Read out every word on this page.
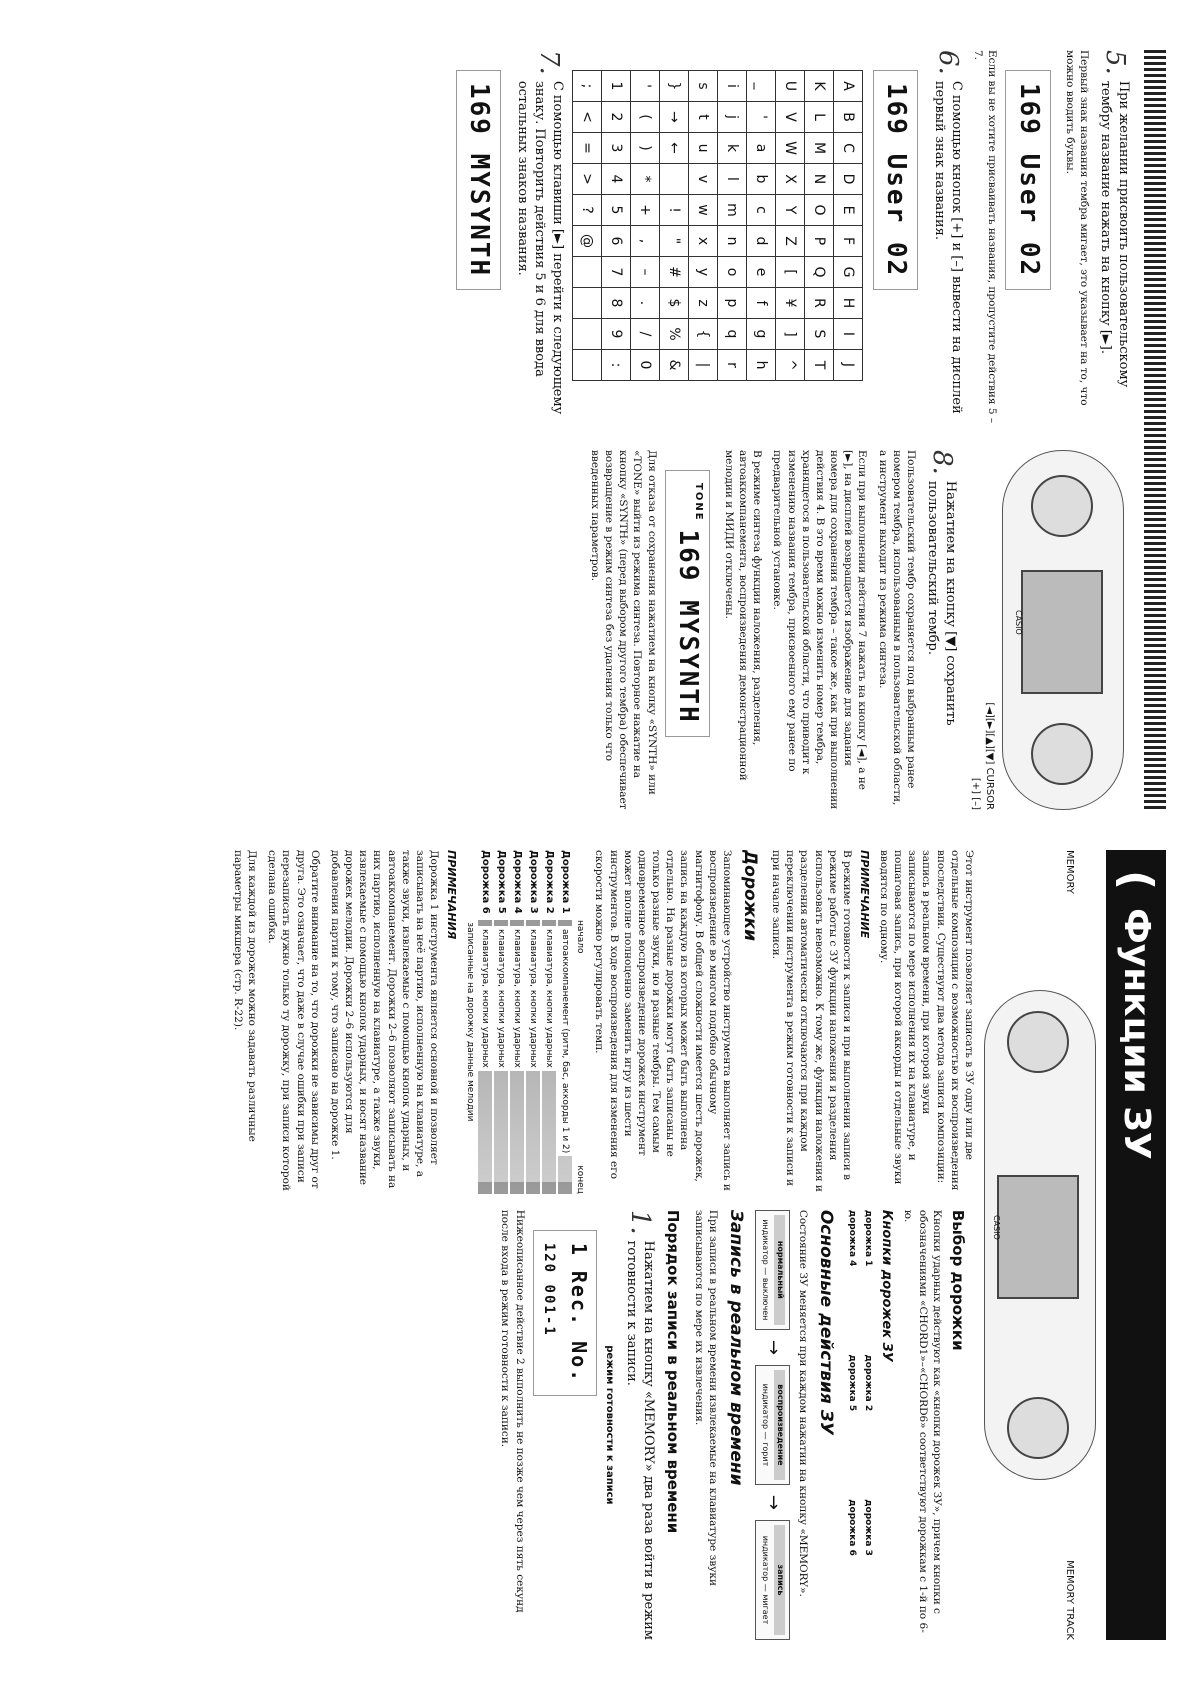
5.
При желании присвоить пользовательскому тембру название нажать на кнопку [►].

Первый знак названия тембра мигает, это указывает на то, что можно вводить буквы.

169 User 02

Если вы не хотите присваивать названия, пропустите действия 5 – 7.

6.
С помощью кнопок [+] и [–] вывести на дисплей первый знак названия.
169 User 02
A	B	C	D	E	F	G	H	I	J
K	L	M	N	O	P	Q	R	S	T
U	V	W	X	Y	Z	[	¥	]	^
_	'	a	b	c	d	e	f	g	h
i	j	k	l	m	n	o	p	q	r
s	t	u	v	w	x	y	z	{	|
}	→	←		!	"	#	$	%	&
'	(	)	*	+	,	–	.	/	0
1	2	3	4	5	6	7	8	9	:
;	<	=	>	?	@				
7.
С помощью клавиши [►] перейти к следующему знаку. Повторить действия 5 и 6 для ввода остальных знаков названия.
169 MYSYNTH
CASIO
[◄][►][▲][▼] CURSOR
[+] [–]
8.
Нажатием на кнопку [▼] сохранить пользовательский тембр.

Пользовательский тембр сохраняется под выбранным ранее номером тембра, использованным в пользовательской области, а инструмент выходит из режима синтеза.

Если при выполнении действия 7 нажать на кнопку [◄], а не [►], на дисплей возвращается изображение для задания номера для сохранения тембра – такое же, как при выполнении действия 4. В это время можно изменить номер тембра, хранящегося в пользовательской области, что приводит к изменению названия тембра, присвоенного ему ранее по предварительной установке.

В режиме синтеза функции наложения, разделения, автоаккомпанемента, воспроизведения демонстрационной мелодии и МИДИ отключены.

$^{TONE}$169 MYSYNTH

Для отказа от сохранения нажатием на кнопку «SYNTH» или «TONE» выйти из режима синтеза. Повторное нажатие на кнопку «SYNTH» (перед выбором другого тембра) обеспечивает возвращение в режим синтеза без удаления только что введенных параметров.

(
Функции ЗУ
MEMORY
CASIO
MEMORY TRACK

Этот инструмент позволяет записать в ЗУ одну или две отдельные композиции с возможностью их воспроизведения впоследствии. Существуют два метода записи композиции: запись в реальном времени, при которой звуки записываются по мере исполнения их на клавиатуре, и пошаговая запись, при которой аккорды и отдельные звуки вводятся по одному.

ПРИМЕЧАНИЕ

В режиме готовности к записи и при выполнении записи в режиме работы с ЗУ функции наложения и разделения использовать невозможно. К тому же, функции наложения и разделения автоматически отключаются при каждом переключении инструмента в режим готовности к записи и при начале записи.

Дорожки

Запоминающее устройство инструмента выполняет запись и воспроизведение во многом подобно обычному магнитофону. В общей сложности имеется шесть дорожек, запись на каждую из которых может быть выполнена отдельно. На разные дорожки могут быть записаны не только разные звуки, но и разные тембры. Тем самым одновременное воспроизведение дорожек инструмент может вполне полноценно заменить игру из шести инструментов. В ходе воспроизведения для изменения его скорости можно регулировать темп.

начало
конец
Дорожка 1
автоаккомпанемент (ритм, бас, аккорды 1 и 2)
Дорожка 2
клавиатура, кнопки ударных
Дорожка 3
клавиатура, кнопки ударных
Дорожка 4
клавиатура, кнопки ударных
Дорожка 5
клавиатура, кнопки ударных
Дорожка 6
клавиатура, кнопки ударных
записанные на дорожку данные мелодии
ПРИМЕЧАНИЯ

Дорожка 1 инструмента является основной и позволяет записывать на неё партию, исполненную на клавиатуре, а также звуки, извлекаемые с помощью кнопок ударных, и автоаккомпанемент. Дорожки 2–6 позволяют записывать на них партию, исполненную на клавиатуре, а также звуки, извлекаемые с помощью кнопок ударных, и носят название дорожек мелодии. Дорожки 2–6 используются для добавления партии к тому, что записано на дорожке 1.

Обратите внимание на то, что дорожки не зависимы друг от друга. Это означает, что даже в случае ошибки при записи перезаписать нужно только ту дорожку, при записи которой сделана ошибка.

Для каждой из дорожек можно задавать различные параметры микшера (стр. R-22).

Выбор дорожки

Кнопки ударных действуют как «кнопки дорожек ЗУ», причем кнопки с обозначениями «CHORD1»–«CHORD6» соответствуют дорожкам с 1-й по 6-ю.

Кнопки дорожек ЗУ
дорожка 1
дорожка 2
дорожка 3
дорожка 4
дорожка 5
дорожка 6
Основные действия ЗУ

Состояние ЗУ меняется при каждом нажатии на кнопку «MEMORY».

нормальный
индикатор — выключен
→
воспроизведение
индикатор — горит
→
запись
индикатор — мигает
Запись в реальном времени

При записи в реальном времени извлекаемые на клавиатуре звуки записываются по мере их извлечения.

Порядок записи в реальном времени
1.
Нажатием на кнопку «MEMORY» два раза войти в режим готовности к записи.
режим готовности к записи
1 Rec. No.
120 001-1

Нижеописанное действие 2 выполнить не позже чем через пять секунд после входа в режим готовности к записи.
